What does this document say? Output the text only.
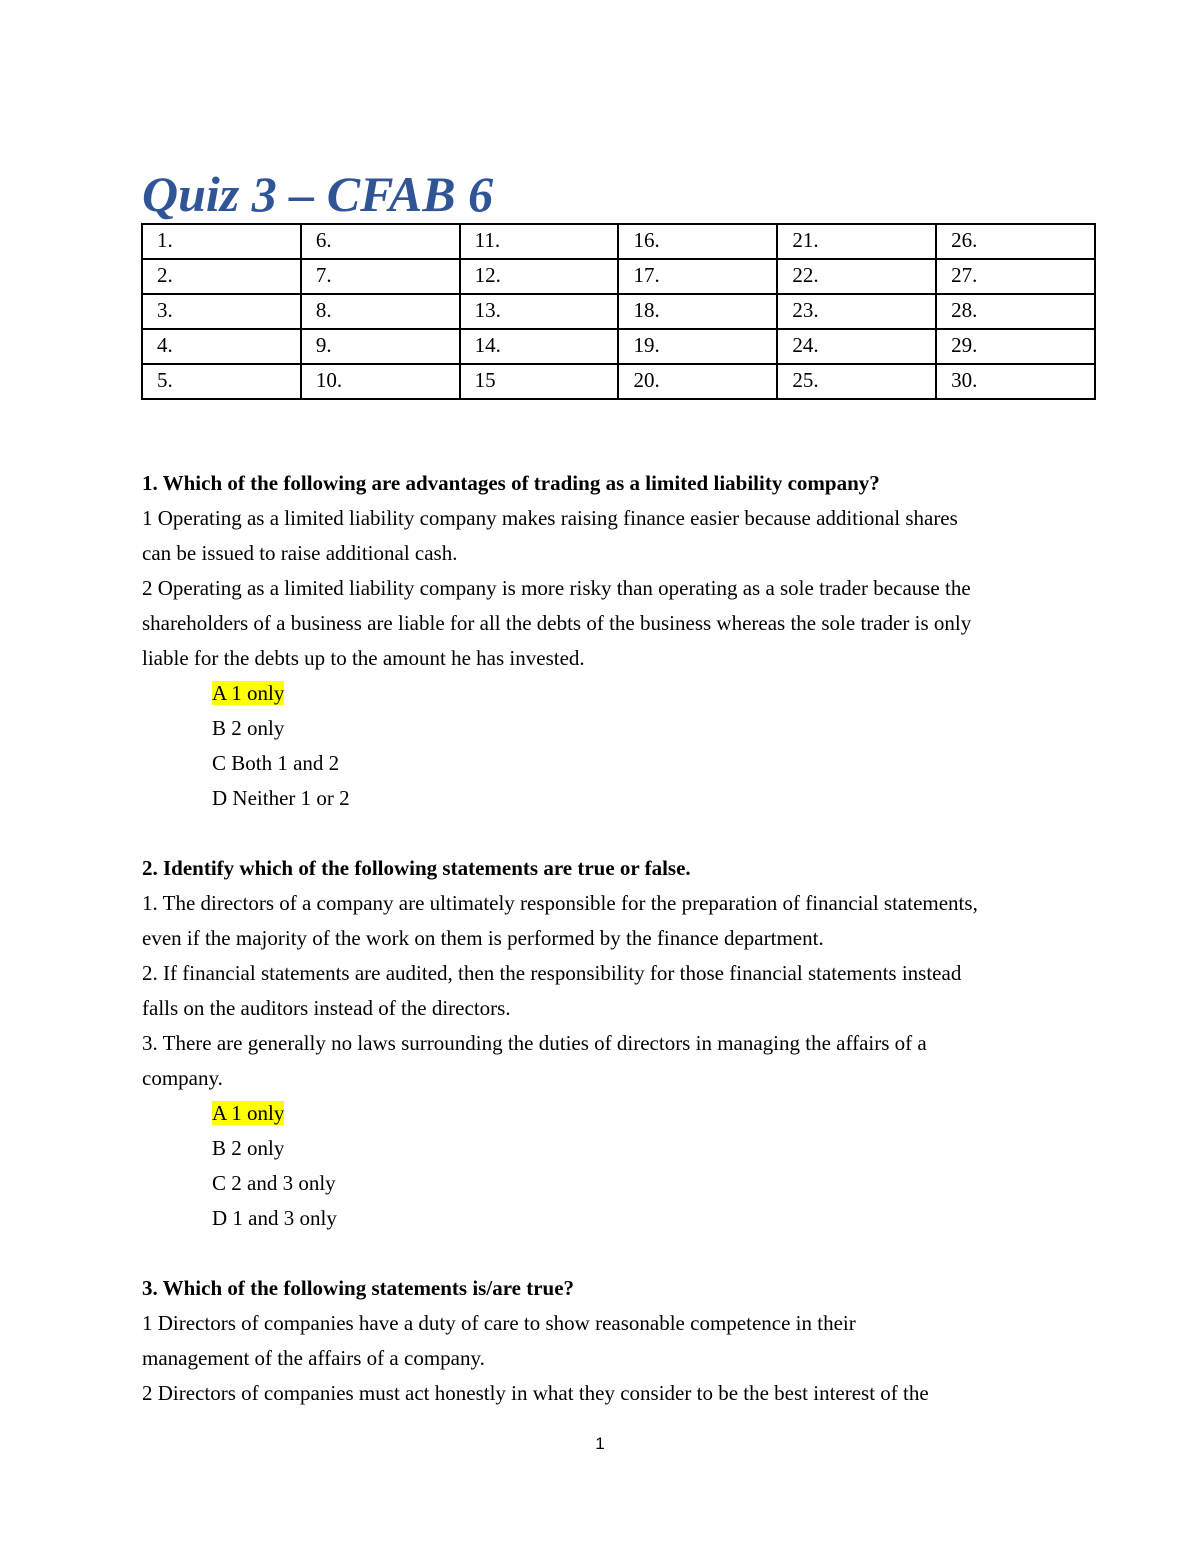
Quiz 3 – CFAB 6
1.	6.	11.	16.	21.	26.
2.	7.	12.	17.	22.	27.
3.	8.	13.	18.	23.	28.
4.	9.	14.	19.	24.	29.
5.	10.	15	20.	25.	30.
1. Which of the following are advantages of trading as a limited liability company?
1 Operating as a limited liability company makes raising finance easier because additional shares
can be issued to raise additional cash.
2 Operating as a limited liability company is more risky than operating as a sole trader because the
shareholders of a business are liable for all the debts of the business whereas the sole trader is only
liable for the debts up to the amount he has invested.
A 1 only
B 2 only
C Both 1 and 2
D Neither 1 or 2
2. Identify which of the following statements are true or false.
1. The directors of a company are ultimately responsible for the preparation of financial statements,
even if the majority of the work on them is performed by the finance department.
2. If financial statements are audited, then the responsibility for those financial statements instead
falls on the auditors instead of the directors.
3. There are generally no laws surrounding the duties of directors in managing the affairs of a
company.
A 1 only
B 2 only
C 2 and 3 only
D 1 and 3 only
3. Which of the following statements is/are true?
1 Directors of companies have a duty of care to show reasonable competence in their
management of the affairs of a company.
2 Directors of companies must act honestly in what they consider to be the best interest of the
1
